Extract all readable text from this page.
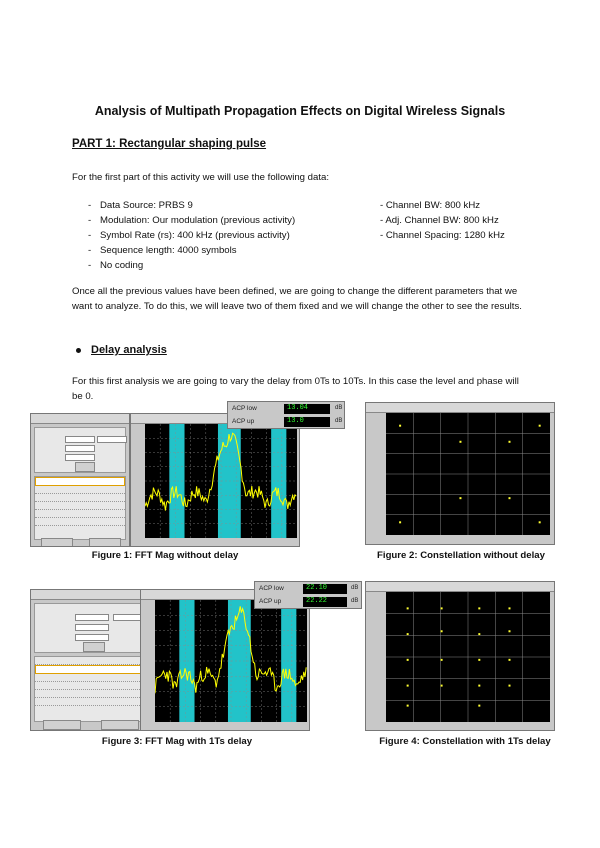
Analysis of Multipath Propagation Effects on Digital Wireless Signals
PART 1: Rectangular shaping pulse
For the first part of this activity we will use the following data:
- Data Source: PRBS 9	- Channel BW: 800 kHz
- Modulation: Our modulation (previous activity)	- Adj. Channel BW: 800 kHz
- Symbol Rate (rs): 400 kHz (previous activity)	- Channel Spacing: 1280 kHz
- Sequence length: 4000 symbols
- No coding
Once all the previous values have been defined, we are going to change the different parameters that we want to analyze. To do this, we will leave two of them fixed and we will change the other to see the results.
Delay analysis
For this first analysis we are going to vary the delay from 0Ts to 10Ts. In this case the level and phase will be 0.
ACP low	13.04	dB
ACP up	13.0	dB
Figure 1: FFT Mag without delay	Figure 2: Constellation without delay
ACP low	22.10	dB
ACP up	22.22	dB
Figure 3: FFT Mag with 1Ts delay	Figure 4: Constellation with 1Ts delay
